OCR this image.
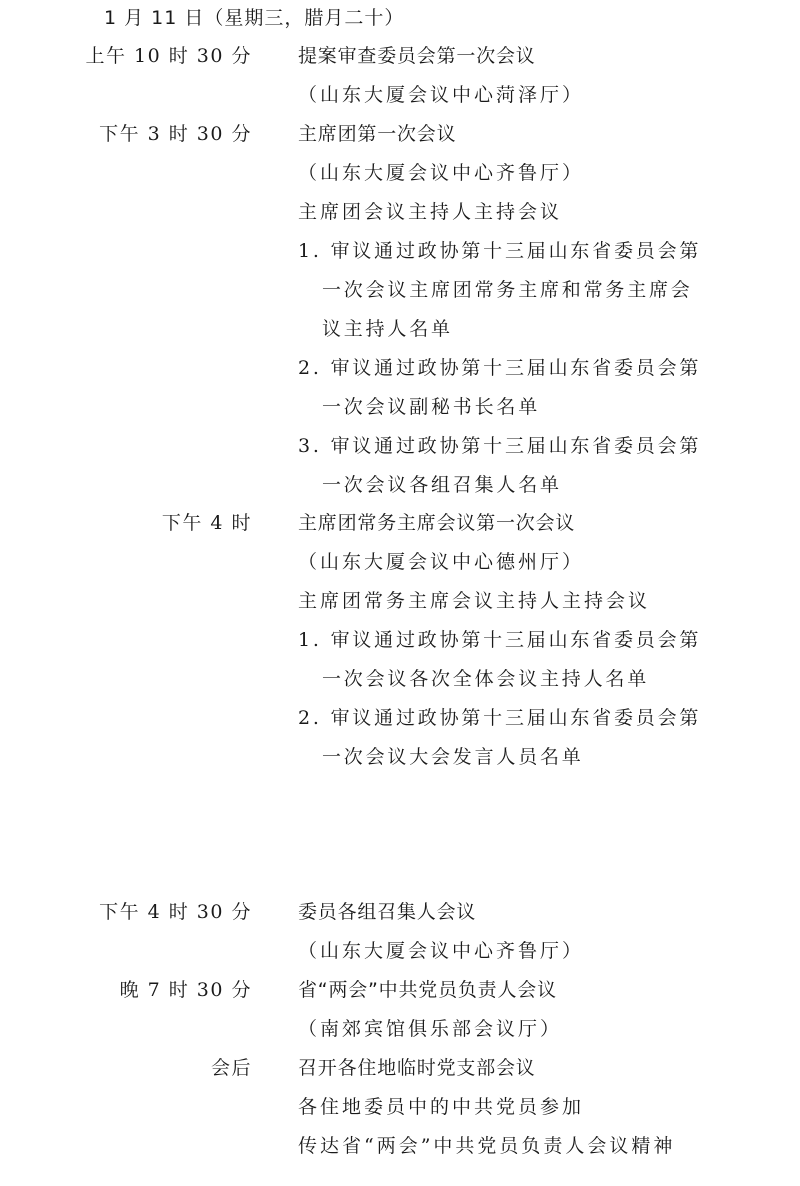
1 月 11 日（星期三，腊月二十）
上午 10 时 30 分 提案审查委员会第一次会议
（山东大厦会议中心菏泽厅）
下午 3 时 30 分 主席团第一次会议
（山东大厦会议中心齐鲁厅）
主席团会议主持人主持会议
1. 审议通过政协第十三届山东省委员会第
一次会议主席团常务主席和常务主席会
议主持人名单
2. 审议通过政协第十三届山东省委员会第
一次会议副秘书长名单
3. 审议通过政协第十三届山东省委员会第
一次会议各组召集人名单
下午 4 时 主席团常务主席会议第一次会议
（山东大厦会议中心德州厅）
主席团常务主席会议主持人主持会议
1. 审议通过政协第十三届山东省委员会第
一次会议各次全体会议主持人名单
2. 审议通过政协第十三届山东省委员会第
一次会议大会发言人员名单
下午 4 时 30 分 委员各组召集人会议
（山东大厦会议中心齐鲁厅）
晚 7 时 30 分 省“两会”中共党员负责人会议
（南郊宾馆俱乐部会议厅）
会后 召开各住地临时党支部会议
各住地委员中的中共党员参加
传达省“两会”中共党员负责人会议精神
